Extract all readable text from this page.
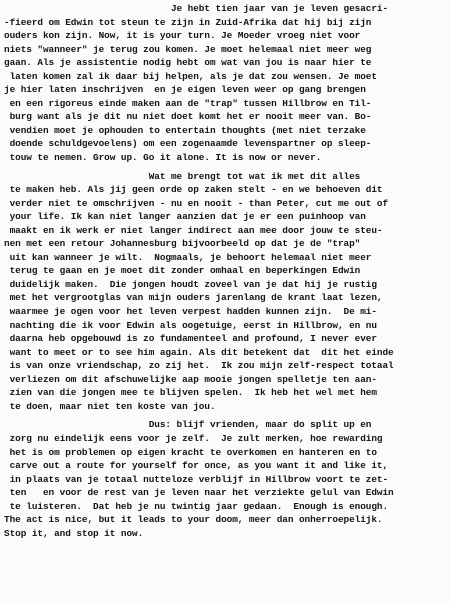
Je hebt tien jaar van je leven gesacri-
-fieerd om Edwin tot steun te zijn in Zuid-Afrika dat hij bij zijn
ouders kon zijn. Now, it is your turn. Je Moeder vroeg niet voor
niets "wanneer" je terug zou komen. Je moet helemaal niet meer weg
gaan. Als je assistentie nodig hebt om wat van jou is naar hier te
laten komen zal ik daar bij helpen, als je dat zou wensen. Je moet
je hier laten inschrijven  en je eigen leven weer op gang brengen
en een rigoreus einde maken aan de "trap" tussen Hillbrow en Til-
burg want als je dit nu niet doet komt het er nooit meer van. Bo-
vendien moet je ophouden to entertain thoughts (met niet terzake
doende schuldgevoelens) om een zogenaamde levenspartner op sleep-
touw te nemen. Grow up. Go it alone. It is now or never.
Wat me brengt tot wat ik met dit alles
te maken heb. Als jij geen orde op zaken stelt - en we behoeven dit
verder niet te omschrijven - nu en nooit - than Peter, cut me out of
your life. Ik kan niet langer aanzien dat je er een puinhoop van
maakt en ik werk er niet langer indirect aan mee door jouw te steu-
nen met een retour Johannesburg bijvoorbeeld op dat je de "trap"
uit kan wanneer je wilt.  Nogmaals, je behoort helemaal niet meer
terug te gaan en je moet dit zonder omhaal en beperkingen Edwin
duidelijk maken.  Die jongen houdt zoveel van je dat hij je rustig
met het vergrootglas van mijn ouders jarenlang de krant laat lezen,
waarmee je ogen voor het leven verpest hadden kunnen zijn.  De mi-
nachting die ik voor Edwin als oogetuige, eerst in Hillbrow, en nu
daarna heb opgebouwd is zo fundamenteel and profound, I never ever
want to meet or to see him again. Als dit betekent dat  dit het einde
is van onze vriendschap, zo zij het.  Ik zou mijn zelf-respect totaal
verliezen om dit afschuwelijke aap mooie jongen spelletje ten aan-
zien van die jongen mee te blijven spelen.  Ik heb het wel met hem
te doen, maar niet ten koste van jou.
Dus: blijf vrienden, maar do split up en
zorg nu eindelijk eens voor je zelf.  Je zult merken, hoe rewarding
het is om problemen op eigen kracht te overkomen en hanteren en to
carve out a route for yourself for once, as you want it and like it,
in plaats van je totaal nutteloze verblijf in Hillbrow voort te zet-
ten   en voor de rest van je leven naar het verziekte gelul van Edwin
te luisteren.  Dat heb je nu twintig jaar gedaan.  Enough is enough.
The act is nice, but it leads to your doom, meer dan onherroepelijk.
Stop it, and stop it now.
